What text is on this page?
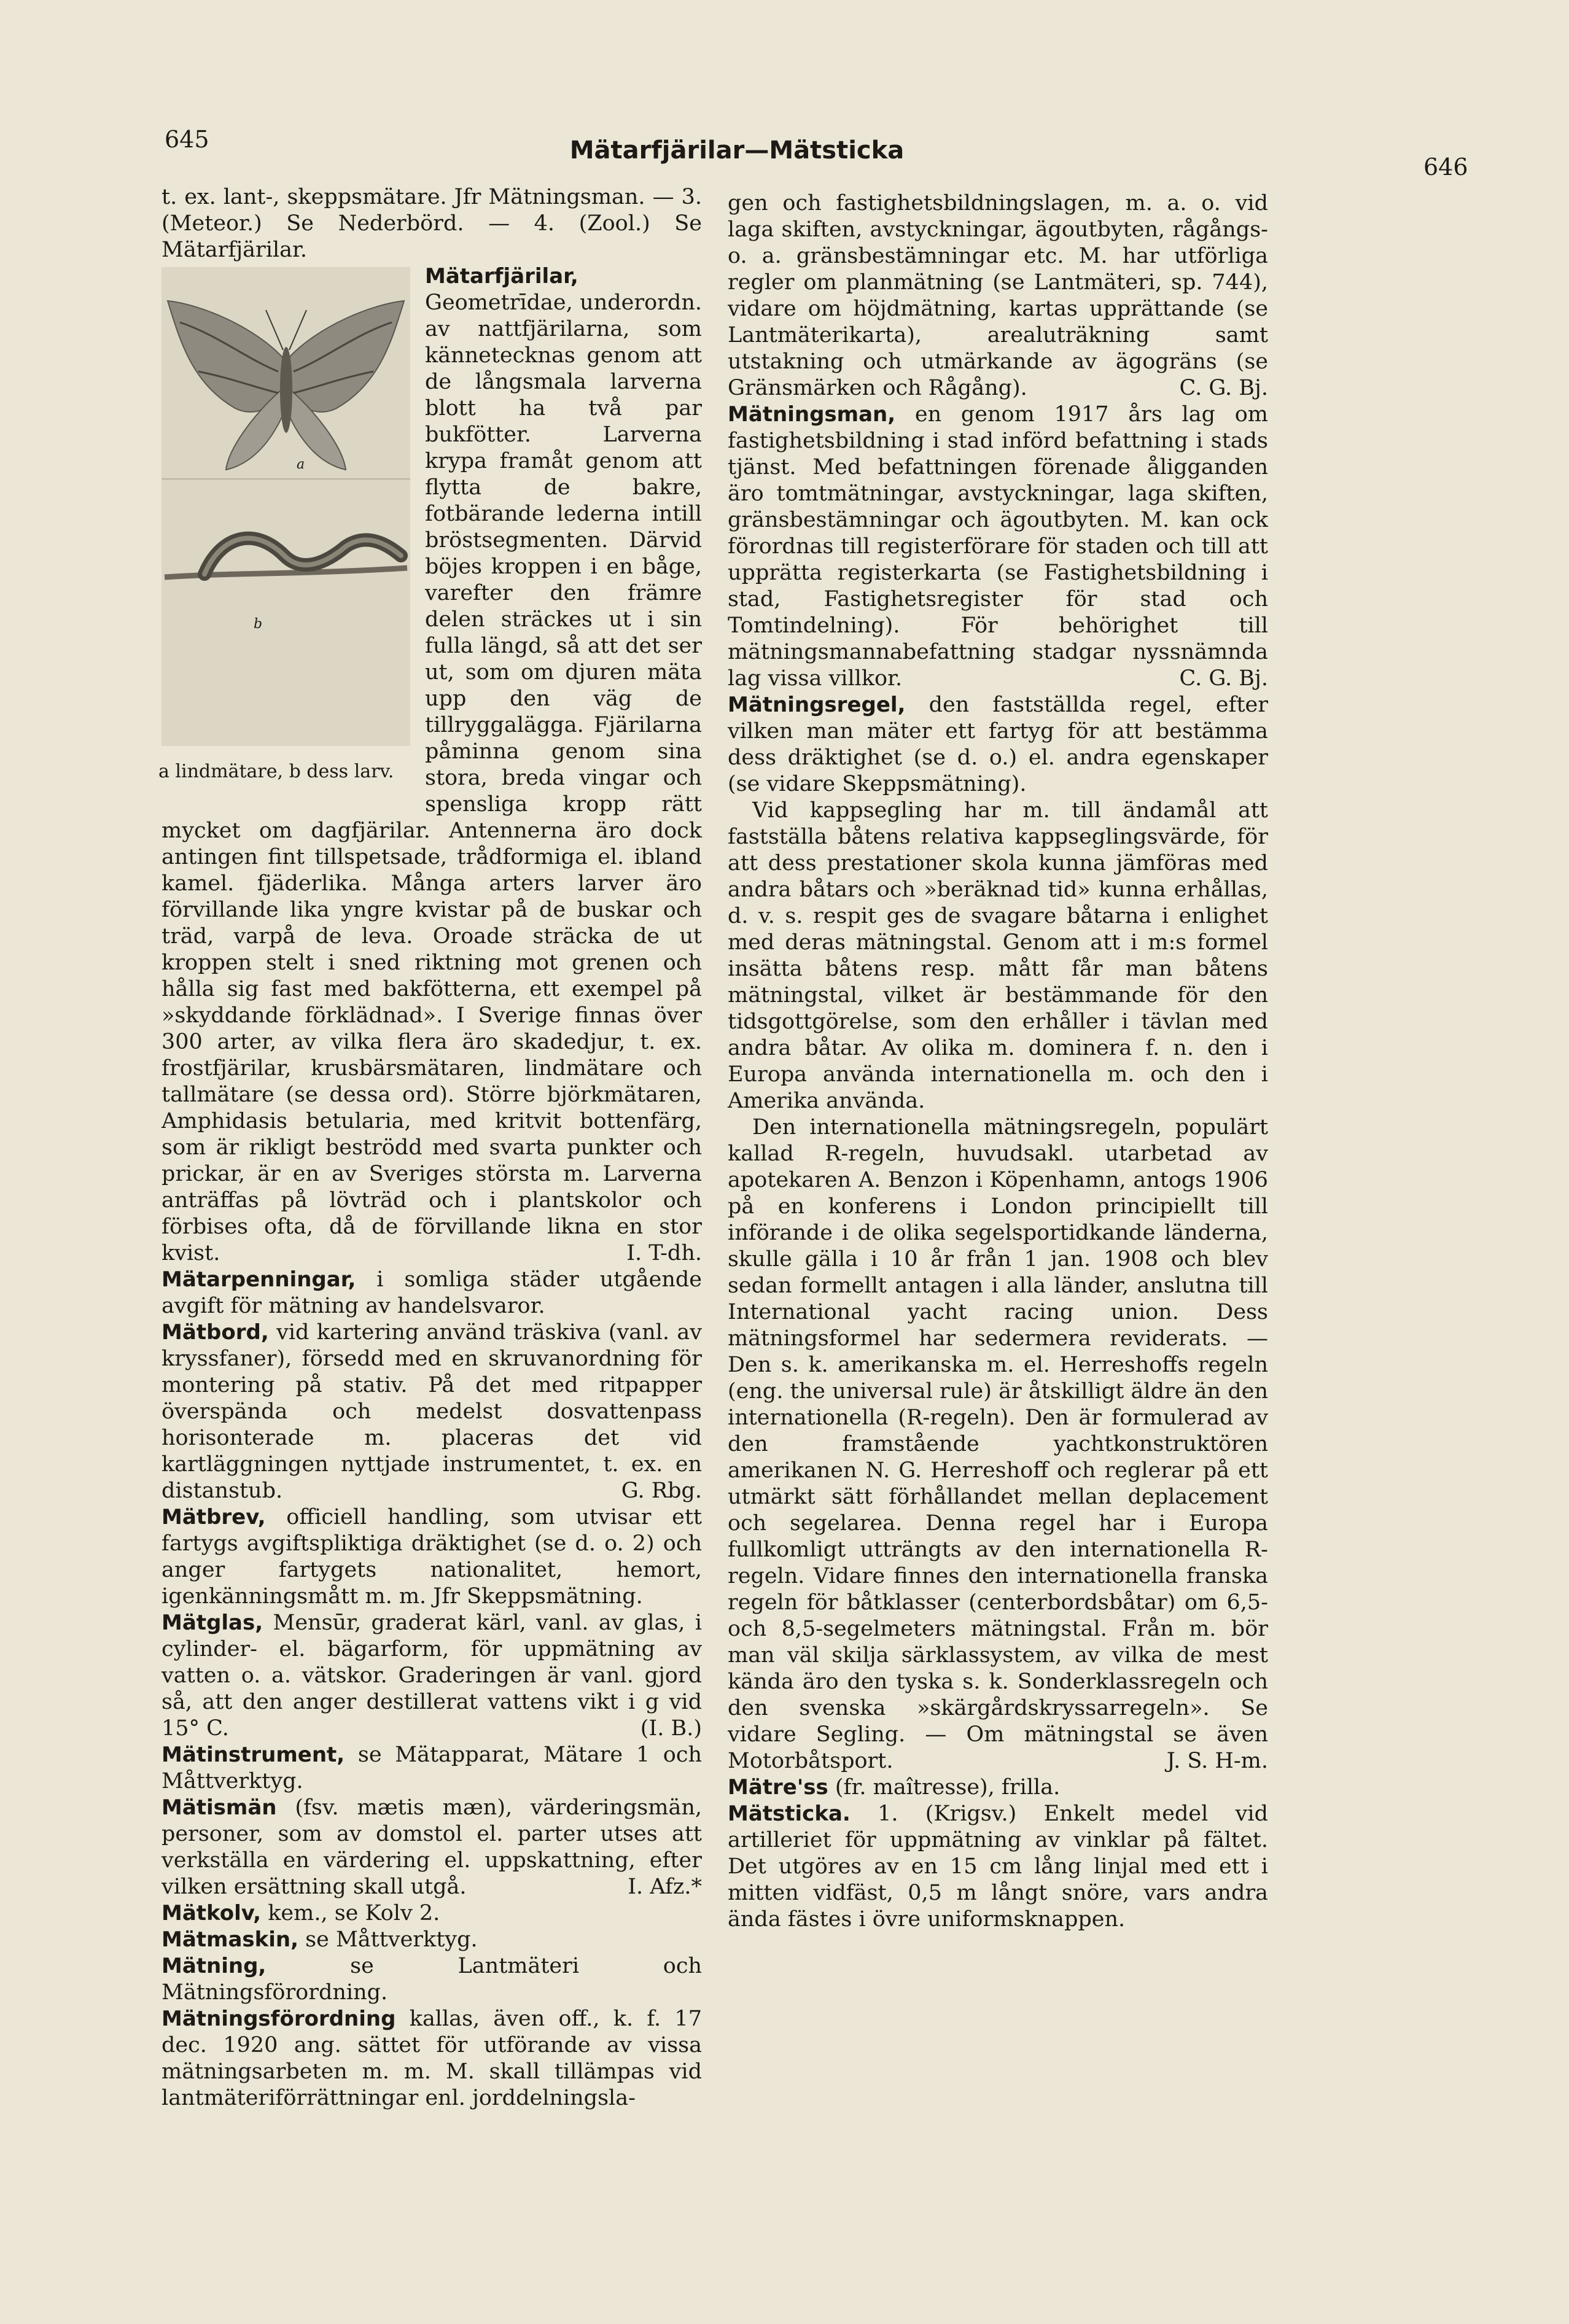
645	Mätarfjärilar—Mätsticka
646

t. ex. lant-, skeppsmätare. Jfr Mätningsman. — 3. (Meteor.) Se Nederbörd. — 4. (Zool.) Se Mätarfjärilar.

Mätarfjärilar,
a
b
a lindmätare, b dess larv.
Geometrīdae, underordn. av nattfjärilarna, som kännetecknas genom att de långsmala larverna blott ha två par bukfötter. Larverna krypa framåt genom att flytta de bakre, fotbärande lederna intill bröstsegmenten. Därvid böjes kroppen i en båge, varefter den främre delen sträckes ut i sin fulla längd, så att det ser ut, som om djuren mäta upp den väg de tillryggalägga. Fjärilarna påminna genom sina stora, breda vingar och spensliga kropp rätt mycket om dagfjärilar. Antennerna äro dock antingen fint tillspetsade, trådformiga el. ibland kamel. fjäderlika. Många arters larver äro förvillande lika yngre kvistar på de buskar och träd, varpå de leva. Oroade sträcka de ut kroppen stelt i sned riktning mot grenen och hålla sig fast med bakfötterna, ett exempel på »skyddande förklädnad». I Sverige finnas över 300 arter, av vilka flera äro skadedjur, t. ex. frostfjärilar, krusbärsmätaren, lindmätare och tallmätare (se dessa ord). Större björkmätaren, Amphidasis betularia, med kritvit bottenfärg, som är rikligt beströdd med svarta punkter och prickar, är en av Sveriges största m. Larverna anträffas på lövträd och i plantskolor och förbises ofta, då de förvillande likna en stor kvist.	I. T-dh.

Mätarpenningar, i somliga städer utgående avgift för mätning av handelsvaror.

Mätbord, vid kartering använd träskiva (vanl. av kryssfaner), försedd med en skruvanordning för montering på stativ. På det med ritpapper överspända och medelst dosvattenpass horisonterade m. placeras det vid kartläggningen nyttjade instrumentet, t. ex. en distanstub.	G. Rbg.

Mätbrev, officiell handling, som utvisar ett fartygs avgiftspliktiga dräktighet (se d. o. 2) och anger fartygets nationalitet, hemort, igenkänningsmått m. m. Jfr Skeppsmätning.

Mätglas, Mensūr, graderat kärl, vanl. av glas, i cylinder- el. bägarform, för uppmätning av vatten o. a. vätskor. Graderingen är vanl. gjord så, att den anger destillerat vattens vikt i g vid 15° C.	(I. B.)

Mätinstrument, se Mätapparat, Mätare 1 och Måttverktyg.

Mätismän (fsv. mætis mæn), värderingsmän, personer, som av domstol el. parter utses att verkställa en värdering el. uppskattning, efter vilken ersättning skall utgå.	I. Afz.*

Mätkolv, kem., se Kolv 2.

Mätmaskin, se Måttverktyg.

Mätning,	se Lantmäteri och Mätningsförordning.

Mätningsförordning kallas, även off., k. f. 17 dec. 1920 ang. sättet för utförande av vissa mätningsarbeten m. m. M. skall tillämpas vid lantmäteriförrättningar enl. jorddelningsla-

gen och fastighetsbildningslagen, m. a. o. vid laga skiften, avstyckningar, ägoutbyten, rågångs- o. a. gränsbestämningar etc. M. har utförliga regler om planmätning (se Lantmäteri, sp. 744), vidare om höjdmätning, kartas upprättande (se Lantmäterikarta), arealuträkning samt utstakning och utmärkande av ägogräns (se Gränsmärken och Rågång).	C. G. Bj.

Mätningsman, en genom 1917 års lag om fastighetsbildning i stad införd befattning i stads tjänst. Med befattningen förenade åligganden äro tomtmätningar, avstyckningar, laga skiften, gränsbestämningar och ägoutbyten. M. kan ock förordnas till registerförare för staden och till att upprätta registerkarta (se Fastighetsbildning i stad, Fastighetsregister för stad och Tomtindelning). För behörighet till mätningsmannabefattning stadgar nyssnämnda lag vissa villkor.	C. G. Bj.

Mätningsregel, den fastställda regel, efter vilken man mäter ett fartyg för att bestämma dess dräktighet (se d. o.) el. andra egenskaper (se vidare Skeppsmätning).

Vid kappsegling har m. till ändamål att fastställa båtens relativa kappseglingsvärde, för att dess prestationer skola kunna jämföras med andra båtars och »beräknad tid» kunna erhållas, d. v. s. respit ges de svagare båtarna i enlighet med deras mätningstal. Genom att i m:s formel insätta båtens resp. mått får man båtens mätningstal, vilket är bestämmande för den tidsgottgörelse, som den erhåller i tävlan med andra båtar. Av olika m. dominera f. n. den i Europa använda internationella m. och den i Amerika använda.

Den internationella mätningsregeln, populärt kallad R-regeln, huvudsakl. utarbetad av apotekaren A. Benzon i Köpenhamn, antogs 1906 på en konferens i London principiellt till införande i de olika segelsportidkande länderna, skulle gälla i 10 år från 1 jan. 1908 och blev sedan formellt antagen i alla länder, anslutna till International yacht racing union. Dess mätningsformel har sedermera reviderats. — Den s. k. amerikanska m. el. Herreshoffs regeln (eng. the universal rule) är åtskilligt äldre än den internationella (R-regeln). Den är formulerad av den framstående yachtkonstruktören amerikanen N. G. Herreshoff och reglerar på ett utmärkt sätt förhållandet mellan deplacement och segelarea. Denna regel har i Europa fullkomligt utträngts av den internationella R-regeln. Vidare finnes den internationella franska regeln för båtklasser (centerbordsbåtar) om 6,5- och 8,5-segelmeters mätningstal. Från m. bör man väl skilja särklassystem, av vilka de mest kända äro den tyska s. k. Sonderklassregeln och den svenska »skärgårdskryssarregeln». Se vidare Segling. — Om mätningstal se även Motorbåtsport.	J. S. H-m.

Mätre'ss (fr. maîtresse), frilla.

Mätsticka. 1. (Krigsv.) Enkelt medel vid artilleriet för uppmätning av vinklar på fältet. Det utgöres av en 15 cm lång linjal med ett i mitten vidfäst, 0,5 m långt snöre, vars andra ända fästes i övre uniformsknappen.
